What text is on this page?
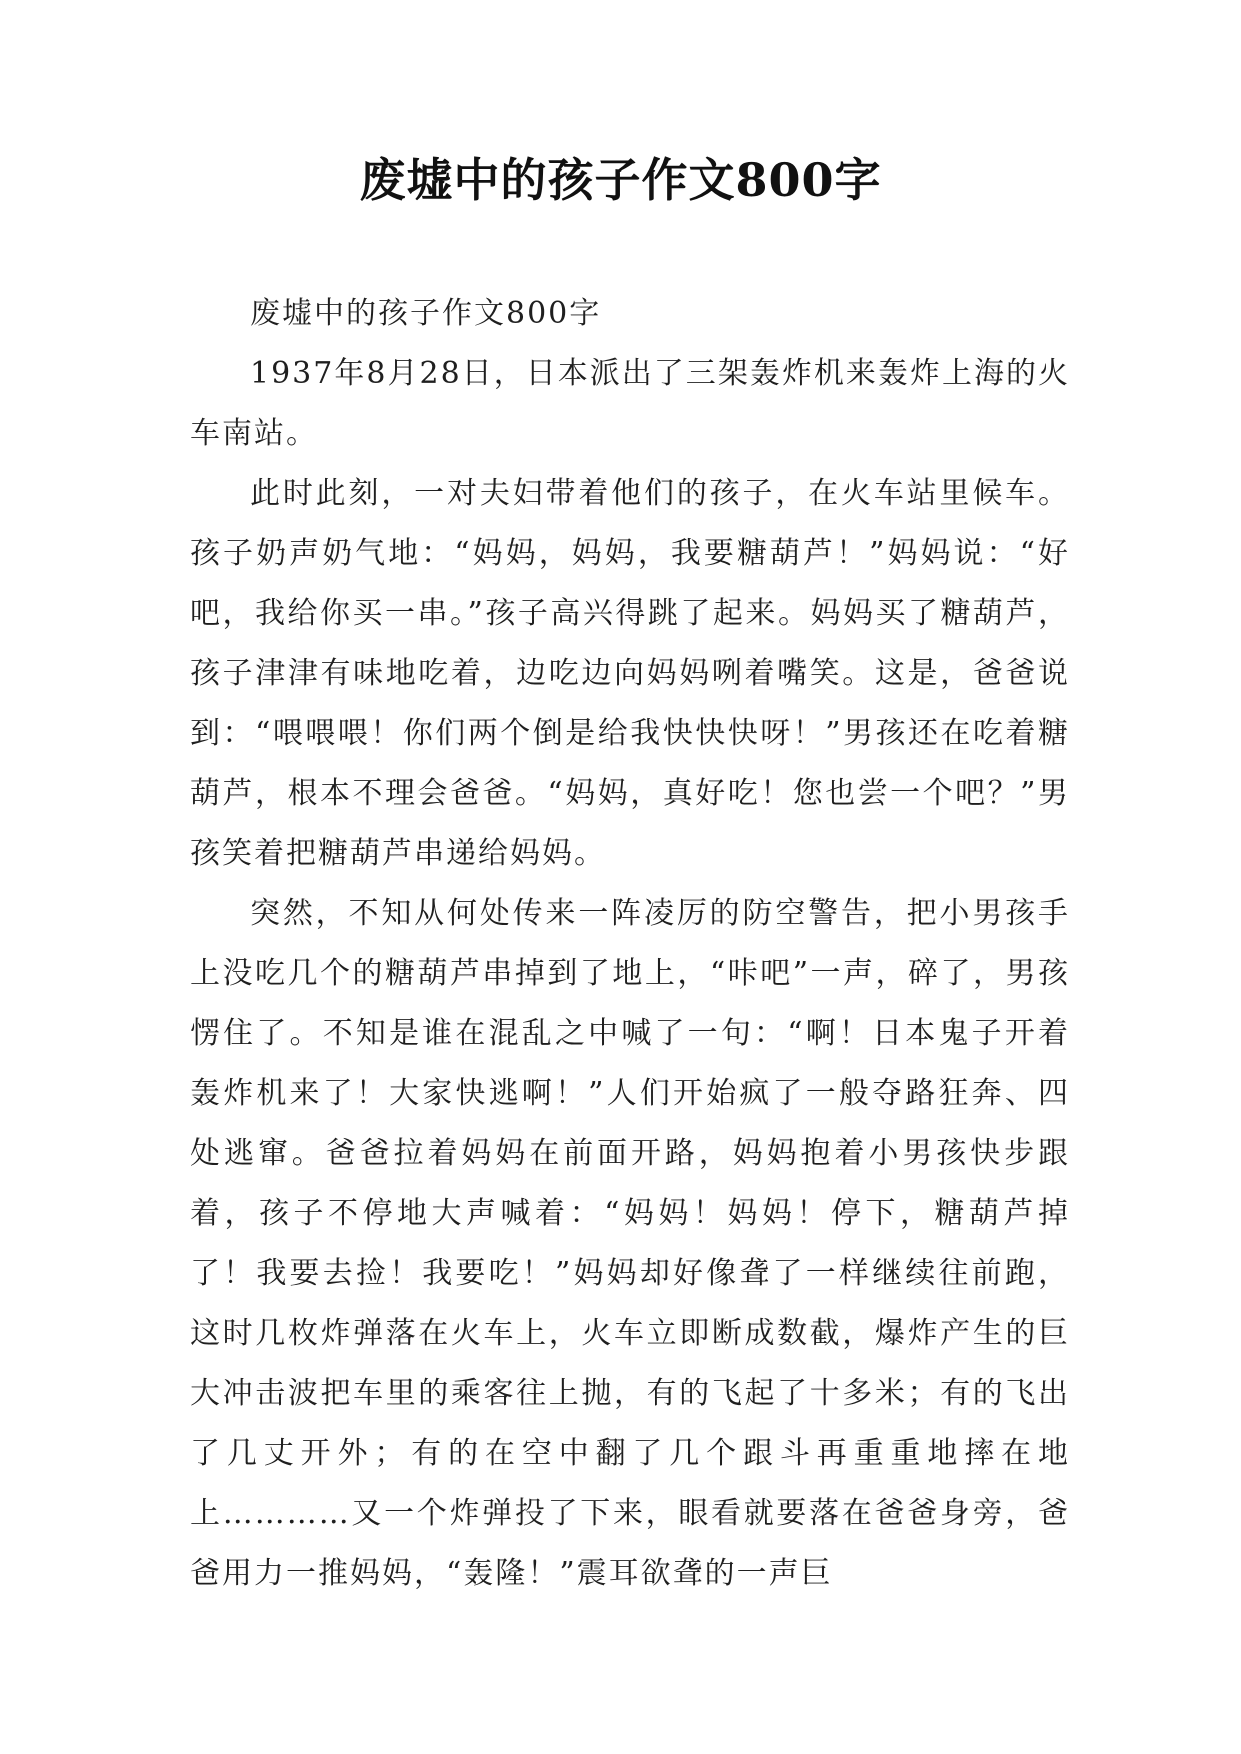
废墟中的孩子作文800字

废墟中的孩子作文800字

1937年8月28日，日本派出了三架轰炸机来轰炸上海的火车南站。

此时此刻，一对夫妇带着他们的孩子，在火车站里候车。孩子奶声奶气地：“妈妈，妈妈，我要糖葫芦！”妈妈说：“好吧，我给你买一串。”孩子高兴得跳了起来。妈妈买了糖葫芦，孩子津津有味地吃着，边吃边向妈妈咧着嘴笑。这是，爸爸说到：“喂喂喂！你们两个倒是给我快快快呀！”男孩还在吃着糖葫芦，根本不理会爸爸。“妈妈，真好吃！您也尝一个吧？”男孩笑着把糖葫芦串递给妈妈。

突然，不知从何处传来一阵凌厉的防空警告，把小男孩手上没吃几个的糖葫芦串掉到了地上，“咔吧”一声，碎了，男孩愣住了。不知是谁在混乱之中喊了一句：“啊！日本鬼子开着轰炸机来了！大家快逃啊！”人们开始疯了一般夺路狂奔、四处逃窜。爸爸拉着妈妈在前面开路，妈妈抱着小男孩快步跟着，孩子不停地大声喊着：“妈妈！妈妈！停下，糖葫芦掉了！我要去捡！我要吃！”妈妈却好像聋了一样继续往前跑，这时几枚炸弹落在火车上，火车立即断成数截，爆炸产生的巨大冲击波把车里的乘客往上抛，有的飞起了十多米；有的飞出了几丈开外；有的在空中翻了几个跟斗再重重地摔在地上…………又一个炸弹投了下来，眼看就要落在爸爸身旁，爸爸用力一推妈妈，“轰隆！”震耳欲聋的一声巨
